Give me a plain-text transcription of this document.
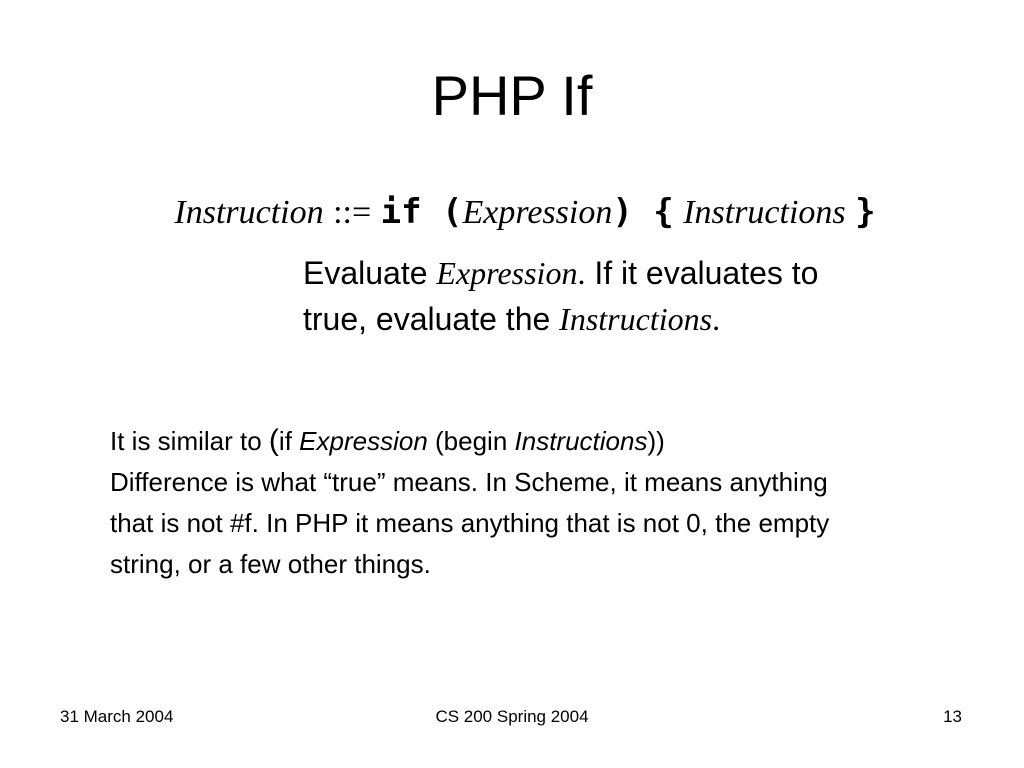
PHP If
Instruction ::= if (Expression) { Instructions }
Evaluate Expression. If it evaluates to true, evaluate the Instructions.
It is similar to (if Expression (begin Instructions))
Difference is what “true” means. In Scheme, it means anything that is not #f. In PHP it means anything that is not 0, the empty string, or a few other things.
31 March 2004	CS 200 Spring 2004	13
